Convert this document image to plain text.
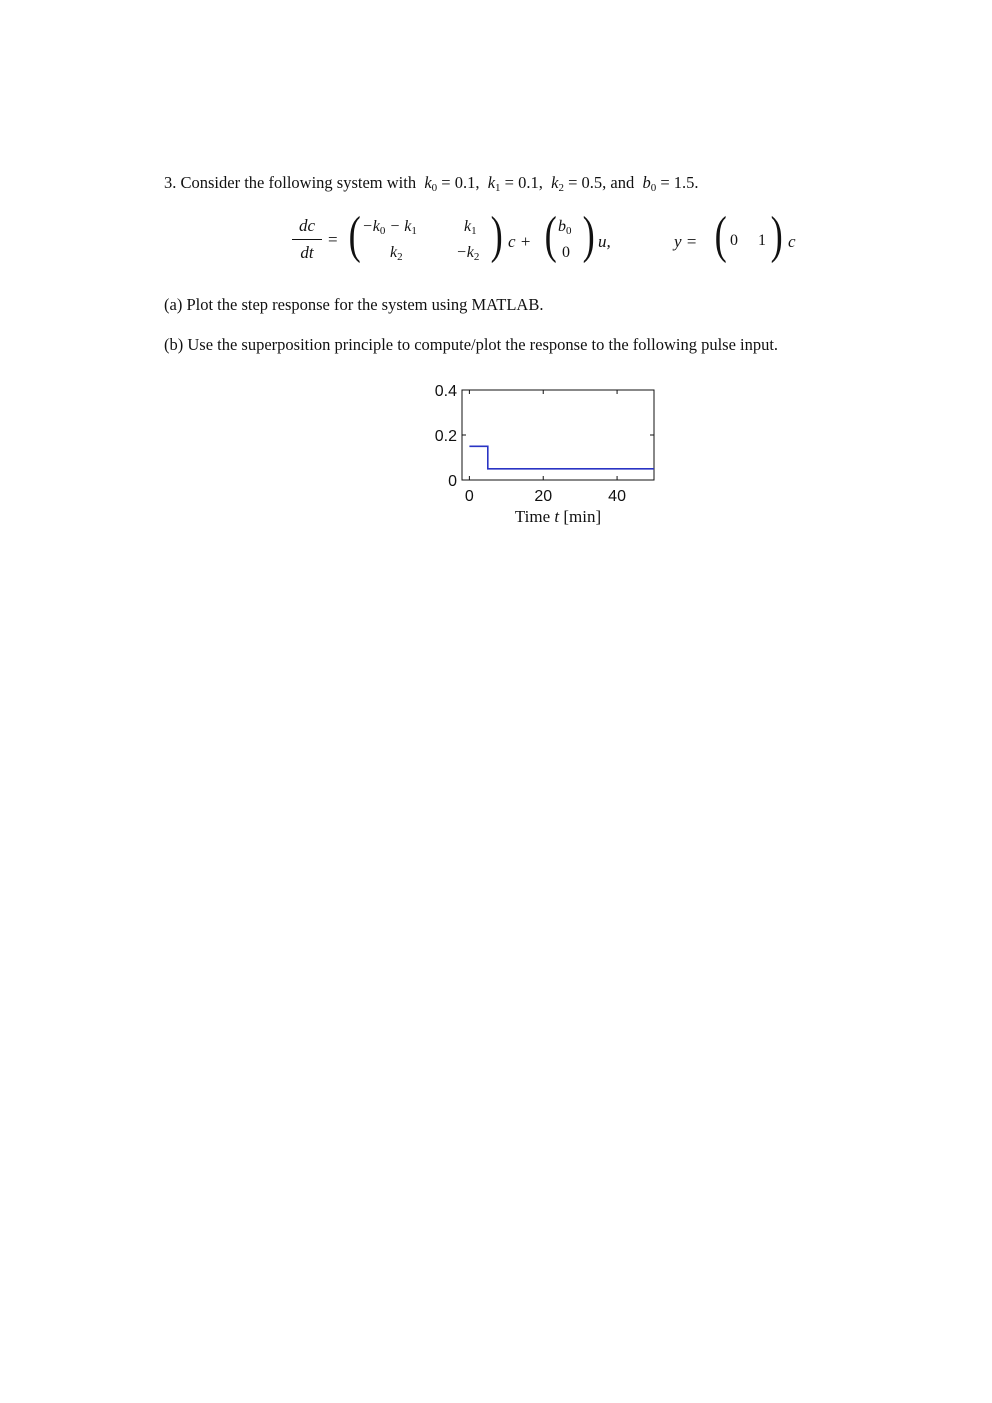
3. Consider the following system with $k_0 = 0.1$, $k_1 = 0.1$, $k_2 = 0.5$, and $b_0 = 1.5$.
dc
dt
= ( $-k_0 - k_1$	$k_1$
$k_2$	$-k_2$ ) c + ( $b_0$
0 ) u,	y = ( 0 1 ) c
(a) Plot the step response for the system using MATLAB.
(b) Use the superposition principle to compute/plot the response to the following pulse input.
0	20	40
0
0.2
0.4
Time t [min]
